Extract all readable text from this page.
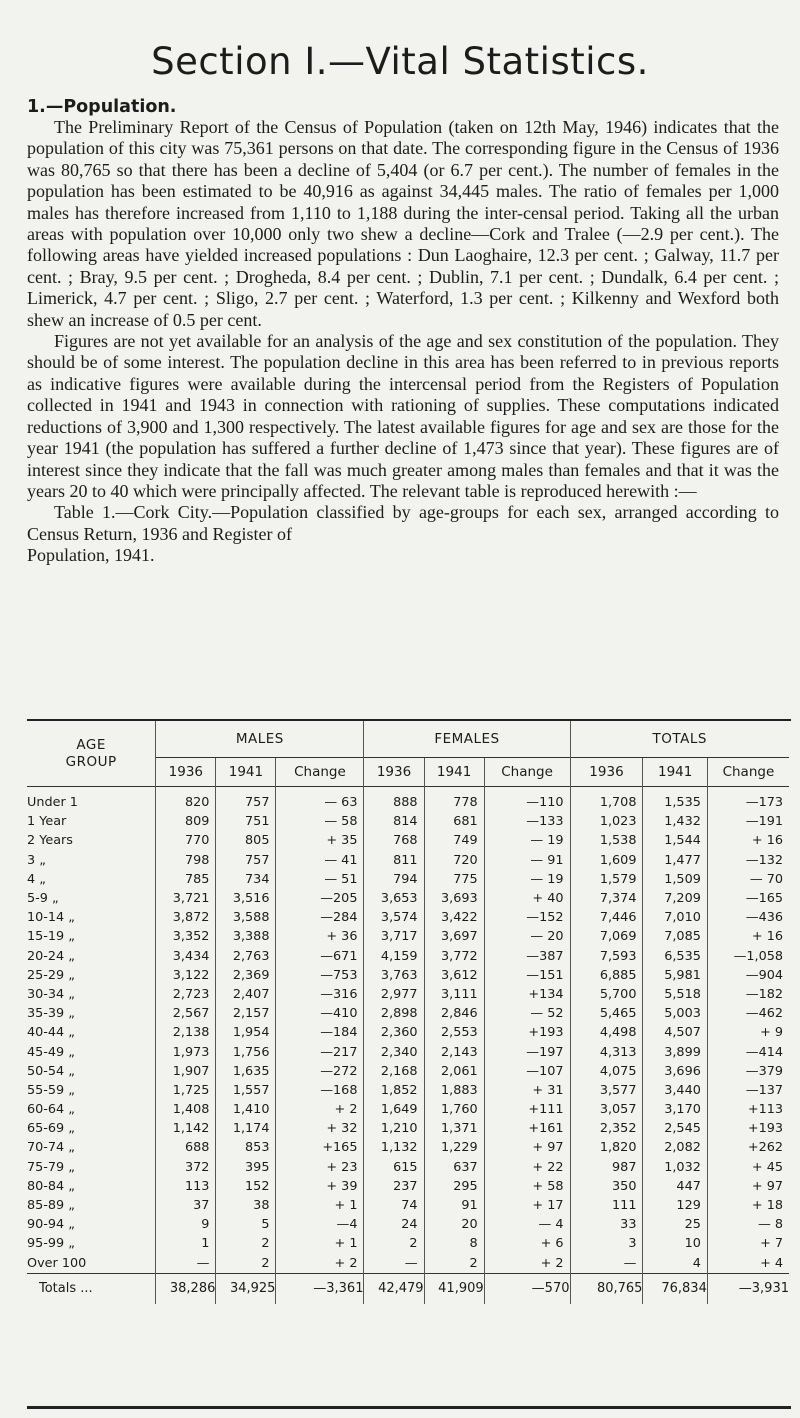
Section I.—Vital Statistics.
1.—Population.

The Preliminary Report of the Census of Population (taken on 12th May, 1946) indicates that the population of this city was 75,361 persons on that date. The corresponding figure in the Census of 1936 was 80,765 so that there has been a decline of 5,404 (or 6.7 per cent.). The number of females in the population has been estimated to be 40,916 as against 34,445 males. The ratio of females per 1,000 males has therefore increased from 1,110 to 1,188 during the inter-censal period. Taking all the urban areas with population over 10,000 only two shew a decline—Cork and Tralee (—2.9 per cent.). The following areas have yielded increased populations : Dun Laoghaire, 12.3 per cent. ; Galway, 11.7 per cent. ; Bray, 9.5 per cent. ; Drogheda, 8.4 per cent. ; Dublin, 7.1 per cent. ; Dundalk, 6.4 per cent. ; Limerick, 4.7 per cent. ; Sligo, 2.7 per cent. ; Waterford, 1.3 per cent. ; Kilkenny and Wexford both shew an increase of 0.5 per cent.

Figures are not yet available for an analysis of the age and sex constitution of the population. They should be of some interest. The population decline in this area has been referred to in previous reports as indicative figures were available during the intercensal period from the Registers of Population collected in 1941 and 1943 in connection with rationing of supplies. These computations indicated reductions of 3,900 and 1,300 respectively. The latest available figures for age and sex are those for the year 1941 (the population has suffered a further decline of 1,473 since that year). These figures are of interest since they indicate that the fall was much greater among males than females and that it was the years 20 to 40 which were principally affected. The relevant table is reproduced herewith :—

Table 1.—Cork City.—Population classified by age-groups for each sex, arranged according to Census Return, 1936 and Register of

Population, 1941.

AGE
GROUP	MALES			FEMALES			TOTALS		
	1936	1941	Change	1936	1941	Change	1936	1941	Change

Under 1	820	757	— 63	888	778	—110	1,708	1,535	—173
1 Year	809	751	— 58	814	681	—133	1,023	1,432	—191
2 Years	770	805	+ 35	768	749	— 19	1,538	1,544	+ 16
3 „	798	757	— 41	811	720	— 91	1,609	1,477	—132
4 „	785	734	— 51	794	775	— 19	1,579	1,509	— 70
5-9 „	3,721	3,516	—205	3,653	3,693	+ 40	7,374	7,209	—165
10-14 „	3,872	3,588	—284	3,574	3,422	—152	7,446	7,010	—436
15-19 „	3,352	3,388	+ 36	3,717	3,697	— 20	7,069	7,085	+ 16
20-24 „	3,434	2,763	—671	4,159	3,772	—387	7,593	6,535	—1,058
25-29 „	3,122	2,369	—753	3,763	3,612	—151	6,885	5,981	—904
30-34 „	2,723	2,407	—316	2,977	3,111	+134	5,700	5,518	—182
35-39 „	2,567	2,157	—410	2,898	2,846	— 52	5,465	5,003	—462
40-44 „	2,138	1,954	—184	2,360	2,553	+193	4,498	4,507	+ 9
45-49 „	1,973	1,756	—217	2,340	2,143	—197	4,313	3,899	—414
50-54 „	1,907	1,635	—272	2,168	2,061	—107	4,075	3,696	—379
55-59 „	1,725	1,557	—168	1,852	1,883	+ 31	3,577	3,440	—137
60-64 „	1,408	1,410	+ 2	1,649	1,760	+111	3,057	3,170	+113
65-69 „	1,142	1,174	+ 32	1,210	1,371	+161	2,352	2,545	+193
70-74 „	688	853	+165	1,132	1,229	+ 97	1,820	2,082	+262
75-79 „	372	395	+ 23	615	637	+ 22	987	1,032	+ 45
80-84 „	113	152	+ 39	237	295	+ 58	350	447	+ 97
85-89 „	37	38	+ 1	74	91	+ 17	111	129	+ 18
90-94 „	9	5	—4	24	20	— 4	33	25	— 8
95-99 „	1	2	+ 1	2	8	+ 6	3	10	+ 7
Over 100	—	2	+ 2	—	2	+ 2	—	4	+ 4
Totals ...	38,286	34,925	—3,361	42,479	41,909	—570	80,765	76,834	—3,931
